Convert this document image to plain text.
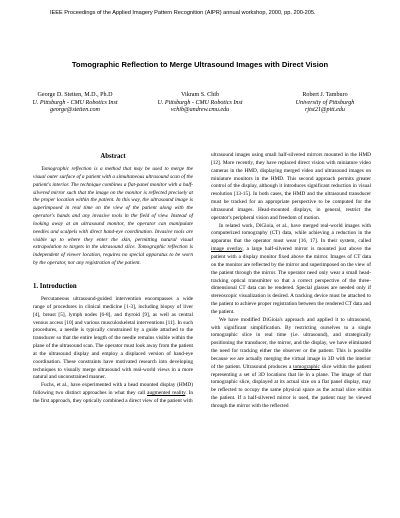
IEEE Proceedings of the Applied Imagery Pattern Recognition (AIPR) annual workshop, 2000, pp. 200-205.
Tomographic Reflection to Merge Ultrasound Images with Direct Vision
George D. Stetten, M.D., Ph.D
U. Pittsburgh - CMU Robotics Inst
george@stetten.com
Vikram S. Chib
U. Pittsburgh - CMU Robotics Inst
vchib@andrew.cmu.edu
Robert J. Tamburo
University of Pittsburgh
rjtst21@pitt.edu
Abstract

Tomographic reflection is a method that may be used to merge the visual outer surface of a patient with a simultaneous ultrasound scan of the patient's interior. The technique combines a flat-panel monitor with a half-silvered mirror such that the image on the monitor is reflected precisely at the proper location within the patient. In this way, the ultrasound image is superimposed in real time on the view of the patient along with the operator's hands and any invasive tools in the field of view. Instead of looking away at an ultrasound monitor, the operator can manipulate needles and scalpels with direct hand-eye coordination. Invasive tools are visible up to where they enter the skin, permitting natural visual extrapolation to targets in the ultrasound slice. Tomographic reflection is independent of viewer location, requires no special apparatus to be worn by the operator, nor any registration of the patient.

1. Introduction

Percutaneous ultrasound-guided intervention encompasses a wide range of procedures in clinical medicine [1-3], including biopsy of liver [4], breast [5], lymph nodes [6-8], and thyroid [9], as well as central venous access [10] and various musculoskeletal interventions [11]. In such procedures, a needle is typically constrained by a guide attached to the transducer so that the entire length of the needle remains visible within the plane of the ultrasound scan. The operator must look away from the patient at the ultrasound display and employ a displaced version of hand-eye coordination. These constraints have motivated research into developing techniques to visually merge ultrasound with real-world views in a more natural and unconstrained manner.

Fuchs, et al., have experimented with a head mounted display (HMD) following two distinct approaches in what they call augmented reality. In the first approach, they optically combined a direct view of the patient with

ultrasound images using small half-silvered mirrors mounted in the HMD [12]. More recently, they have replaced direct vision with miniature video cameras in the HMD, displaying merged video and ultrasound images on miniature monitors in the HMD. This second approach permits greater control of the display, although it introduces significant reduction in visual resolution [13-15]. In both cases, the HMD and the ultrasound transducer must be tracked for an appropriate perspective to be computed for the ultrasound images. Head-mounted displays, in general, restrict the operator's peripheral vision and freedom of motion.

In related work, DiGioia, et al., have merged real-world images with computerized tomography (CT) data, while achieving a reduction in the apparatus that the operator must wear [16, 17]. In their system, called image overlay, a large half-silvered mirror is mounted just above the patient with a display monitor fixed above the mirror. Images of CT data on the monitor are reflected by the mirror and superimposed on the view of the patient through the mirror. The operator need only wear a small head-tracking optical transmitter so that a correct perspective of the three-dimensional CT data can be rendered. Special glasses are needed only if stereoscopic visualization is desired. A tracking device must be attached to the patient to achieve proper registration between the rendered CT data and the patient.

We have modified DiGioia's approach and applied it to ultrasound, with significant simplification. By restricting ourselves to a single tomographic slice in real time (i.e. ultrasound), and strategically positioning the transducer, the mirror, and the display, we have eliminated the need for tracking either the observer or the patient. This is possible because we are actually merging the virtual image in 3D with the interior of the patient. Ultrasound produces a tomographic slice within the patient representing a set of 3D locations that lie in a plane. The image of that tomographic slice, displayed at its actual size on a flat panel display, may be reflected to occupy the same physical space as the actual slice within the patient. If a half-silvered mirror is used, the patient may be viewed through the mirror with the reflected
